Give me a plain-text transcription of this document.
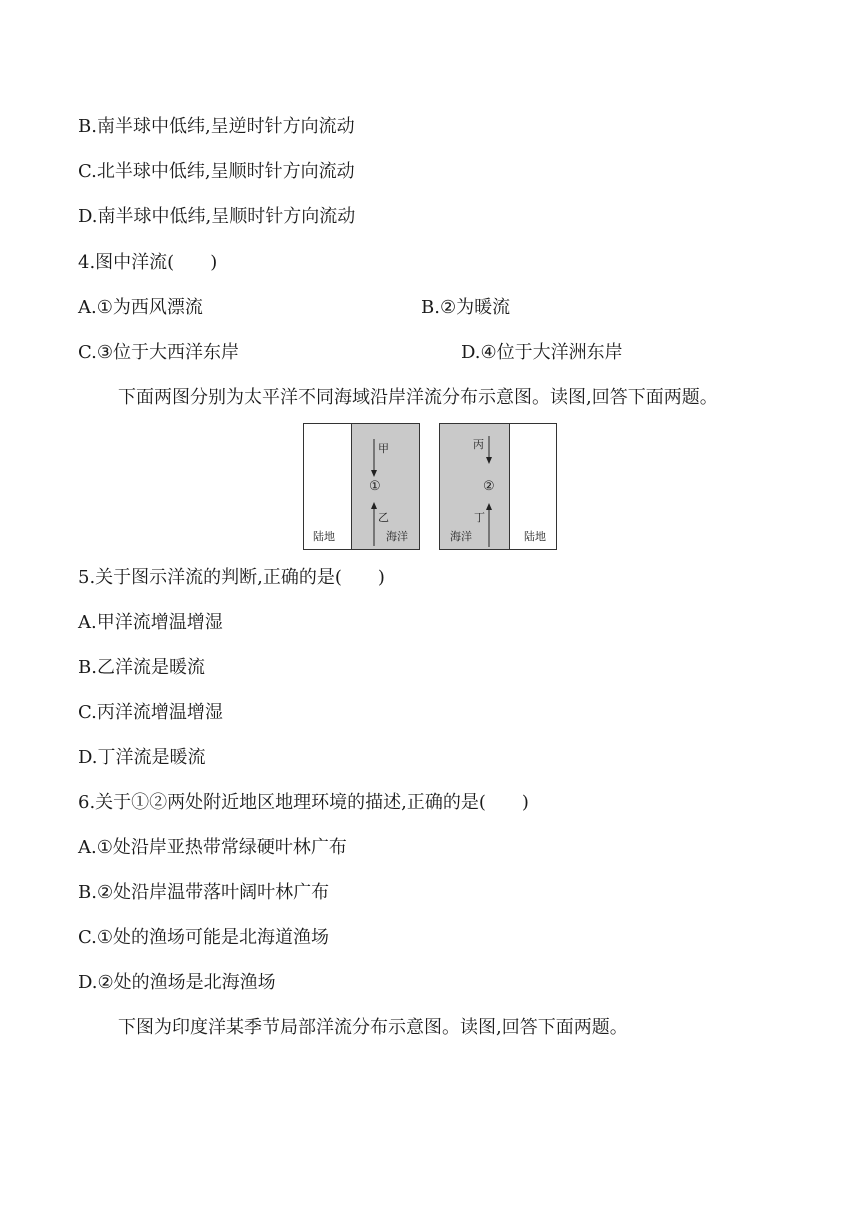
B.南半球中低纬,呈逆时针方向流动
C.北半球中低纬,呈顺时针方向流动
D.南半球中低纬,呈顺时针方向流动
4.图中洋流(　　)
A.①为西风漂流	B.②为暖流
C.③位于大西洋东岸	D.④位于大洋洲东岸
下面两图分别为太平洋不同海域沿岸洋流分布示意图。读图,回答下面两题。
陆地	海洋
甲
乙
①
海洋	陆地
丙
丁
②
5.关于图示洋流的判断,正确的是(　　)
A.甲洋流增温增湿
B.乙洋流是暖流
C.丙洋流增温增湿
D.丁洋流是暖流
6.关于①②两处附近地区地理环境的描述,正确的是(　　)
A.①处沿岸亚热带常绿硬叶林广布
B.②处沿岸温带落叶阔叶林广布
C.①处的渔场可能是北海道渔场
D.②处的渔场是北海渔场
下图为印度洋某季节局部洋流分布示意图。读图,回答下面两题。
